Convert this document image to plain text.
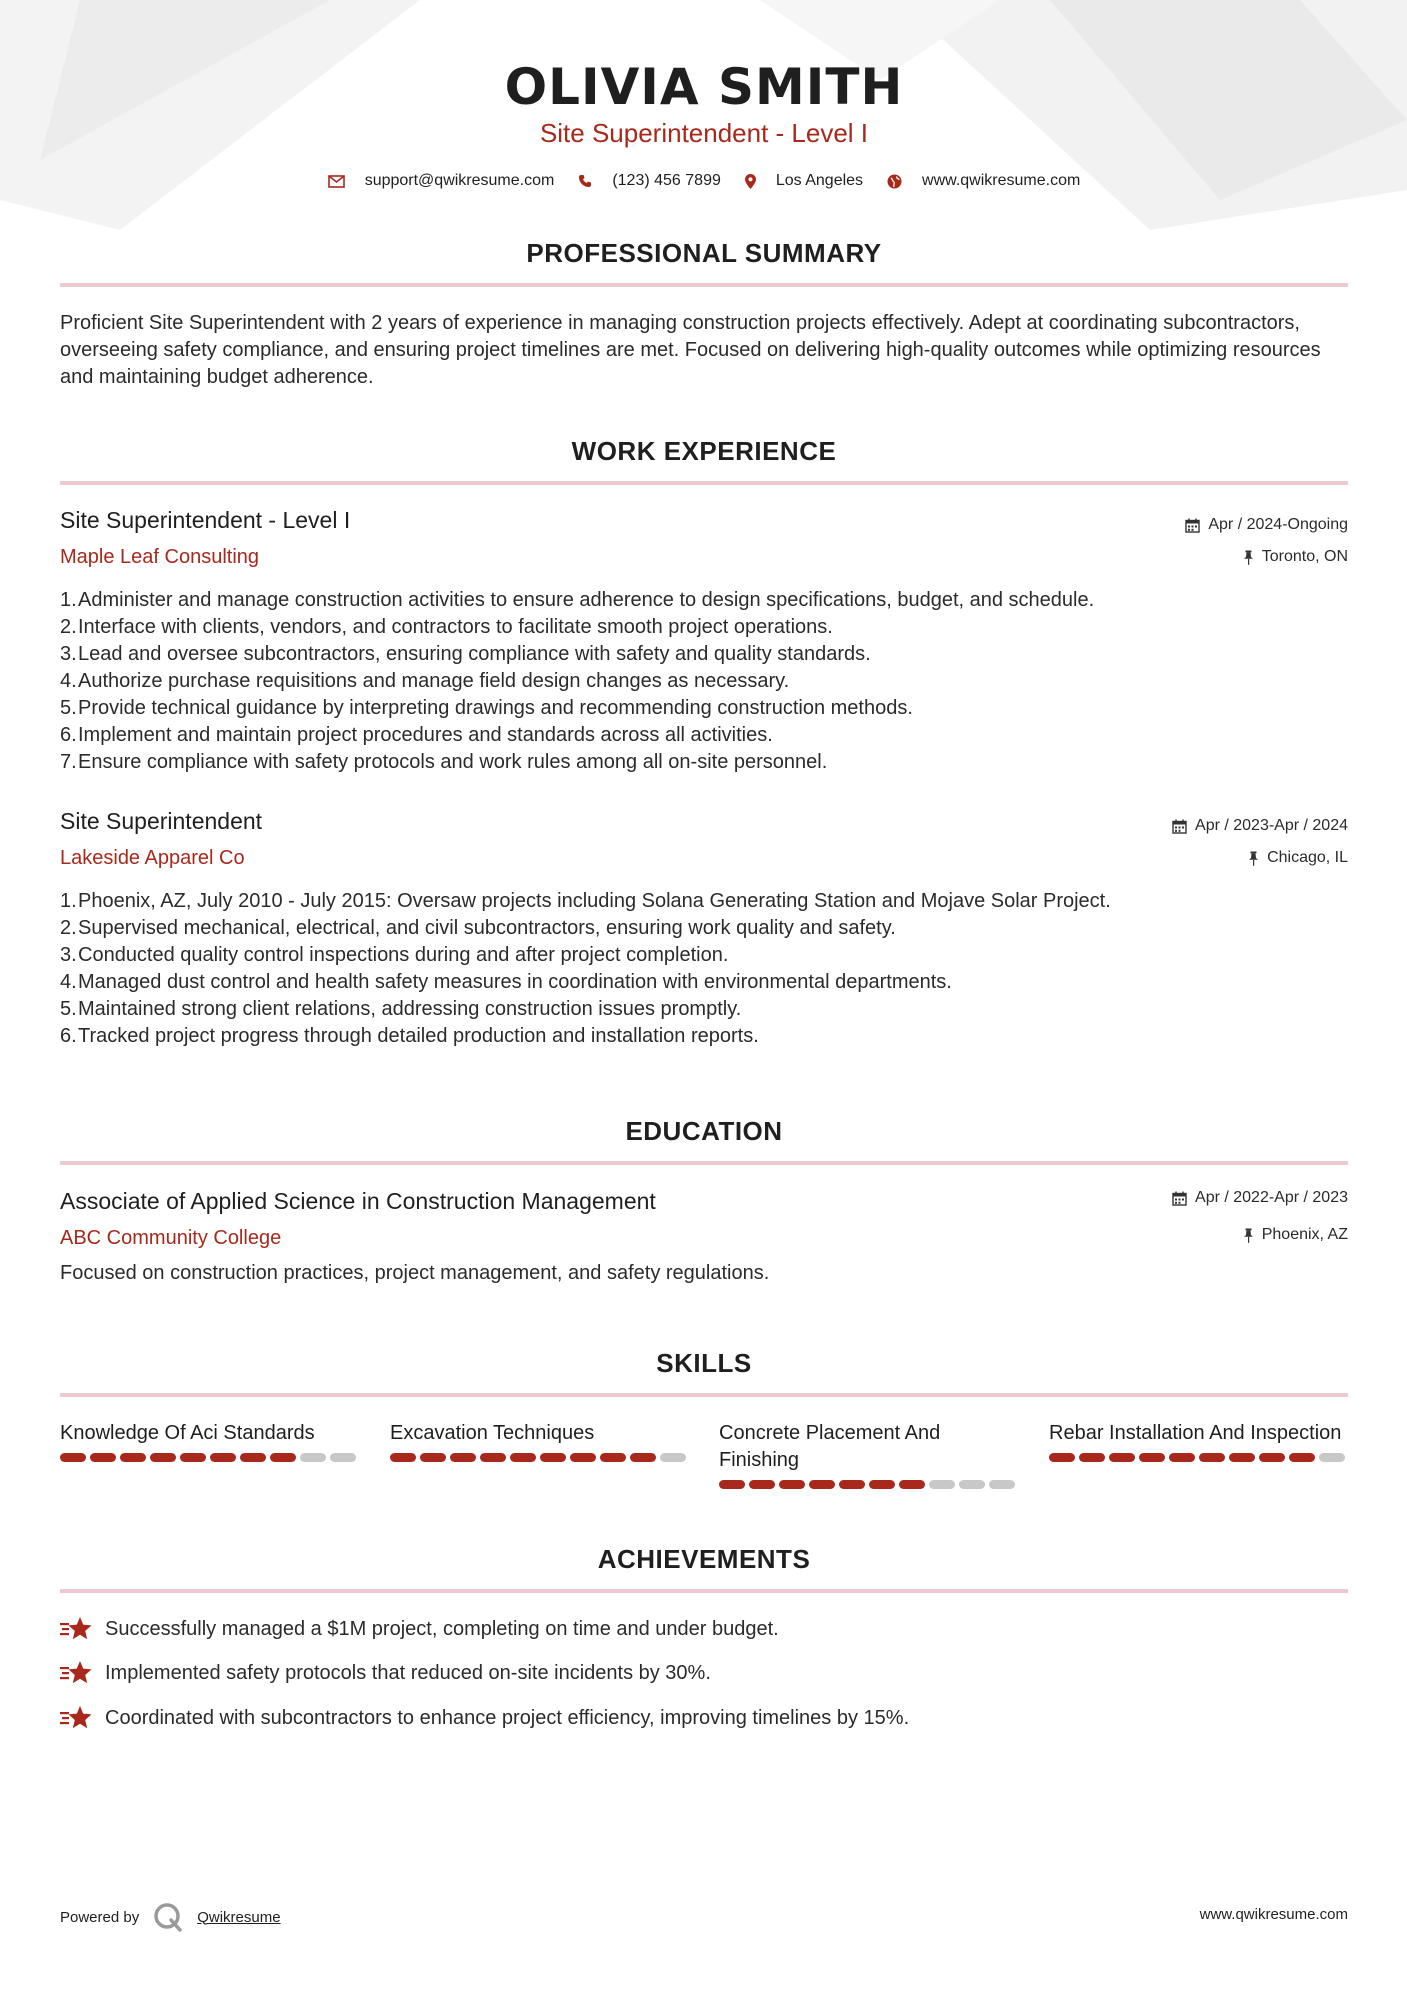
OLIVIA SMITH
Site Superintendent - Level I
support@qwikresume.com	(123) 456 7899	Los Angeles	www.qwikresume.com
PROFESSIONAL SUMMARY
Proficient Site Superintendent with 2 years of experience in managing construction projects effectively. Adept at coordinating subcontractors, overseeing safety compliance, and ensuring project timelines are met. Focused on delivering high-quality outcomes while optimizing resources and maintaining budget adherence.
WORK EXPERIENCE
Site Superintendent - Level I
Maple Leaf Consulting
Apr / 2024-Ongoing
Toronto, ON
1. Administer and manage construction activities to ensure adherence to design specifications, budget, and schedule.
2. Interface with clients, vendors, and contractors to facilitate smooth project operations.
3. Lead and oversee subcontractors, ensuring compliance with safety and quality standards.
4. Authorize purchase requisitions and manage field design changes as necessary.
5. Provide technical guidance by interpreting drawings and recommending construction methods.
6. Implement and maintain project procedures and standards across all activities.
7. Ensure compliance with safety protocols and work rules among all on-site personnel.
Site Superintendent
Lakeside Apparel Co
Apr / 2023-Apr / 2024
Chicago, IL
1. Phoenix, AZ, July 2010 - July 2015: Oversaw projects including Solana Generating Station and Mojave Solar Project.
2. Supervised mechanical, electrical, and civil subcontractors, ensuring work quality and safety.
3. Conducted quality control inspections during and after project completion.
4. Managed dust control and health safety measures in coordination with environmental departments.
5. Maintained strong client relations, addressing construction issues promptly.
6. Tracked project progress through detailed production and installation reports.
EDUCATION
Associate of Applied Science in Construction Management
ABC Community College
Apr / 2022-Apr / 2023
Phoenix, AZ
Focused on construction practices, project management, and safety regulations.
SKILLS
Knowledge Of Aci Standards	Excavation Techniques	Concrete Placement And Finishing
Rebar Installation And Inspection
ACHIEVEMENTS
Successfully managed a $1M project, completing on time and under budget.
Implemented safety protocols that reduced on-site incidents by 30%.
Coordinated with subcontractors to enhance project efficiency, improving timelines by 15%.
Powered by	Qwikresume	www.qwikresume.com
